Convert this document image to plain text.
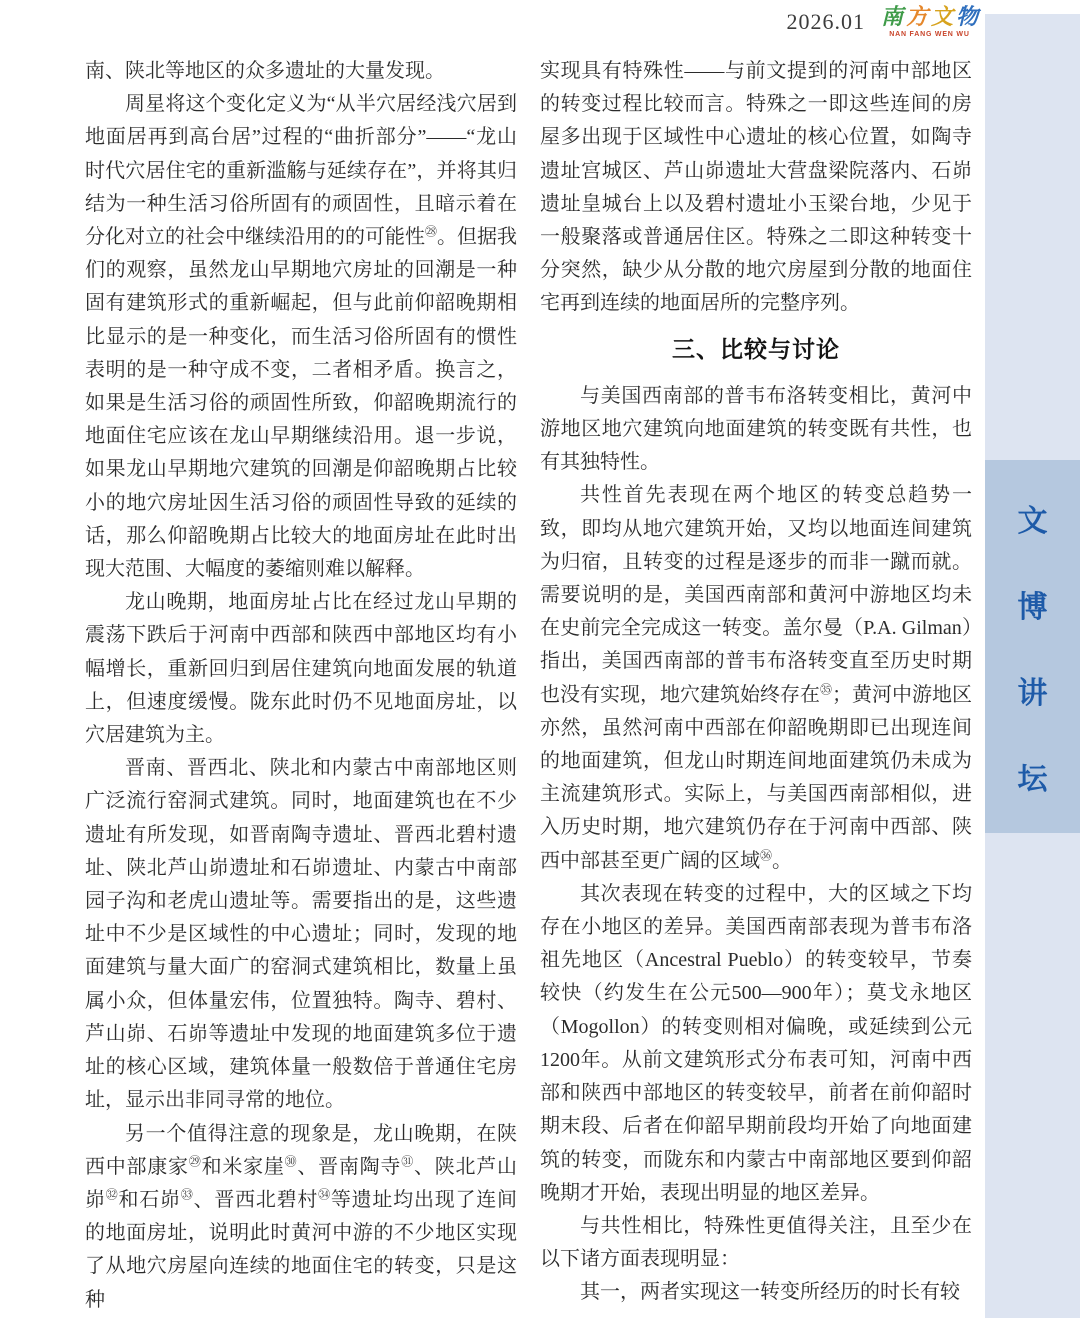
2026.01 南 方 文 物
NAN FANG WEN WU
南、陕北等地区的众多遗址的大量发现。
周星将这个变化定义为“从半穴居经浅穴居到地面居再到高台居”过程的“曲折部分”——“龙山时代穴居住宅的重新滥觞与延续存在”，并将其归结为一种生活习俗所固有的顽固性，且暗示着在分化对立的社会中继续沿用的的可能性$^㉘$。但据我们的观察，虽然龙山早期地穴房址的回潮是一种固有建筑形式的重新崛起，但与此前仰韶晚期相比显示的是一种变化，而生活习俗所固有的惯性表明的是一种守成不变，二者相矛盾。换言之，如果是生活习俗的顽固性所致，仰韶晚期流行的地面住宅应该在龙山早期继续沿用。退一步说，如果龙山早期地穴建筑的回潮是仰韶晚期占比较小的地穴房址因生活习俗的顽固性导致的延续的话，那么仰韶晚期占比较大的地面房址在此时出现大范围、大幅度的萎缩则难以解释。
龙山晚期，地面房址占比在经过龙山早期的震荡下跌后于河南中西部和陕西中部地区均有小幅增长，重新回归到居住建筑向地面发展的轨道上，但速度缓慢。陇东此时仍不见地面房址，以穴居建筑为主。
晋南、晋西北、陕北和内蒙古中南部地区则广泛流行窑洞式建筑。同时，地面建筑也在不少遗址有所发现，如晋南陶寺遗址、晋西北碧村遗址、陕北芦山峁遗址和石峁遗址、内蒙古中南部园子沟和老虎山遗址等。需要指出的是，这些遗址中不少是区域性的中心遗址；同时，发现的地面建筑与量大面广的窑洞式建筑相比，数量上虽属小众，但体量宏伟，位置独特。陶寺、碧村、芦山峁、石峁等遗址中发现的地面建筑多位于遗址的核心区域，建筑体量一般数倍于普通住宅房址，显示出非同寻常的地位。
另一个值得注意的现象是，龙山晚期，在陕西中部康家$^㉙$和米家崖$^㉚$、晋南陶寺$^㉛$、陕北芦山峁$^㉜$和石峁$^㉝$、晋西北碧村$^㉞$等遗址均出现了连间的地面房址，说明此时黄河中游的不少地区实现了从地穴房屋向连续的地面住宅的转变，只是这种
实现具有特殊性——与前文提到的河南中部地区的转变过程比较而言。特殊之一即这些连间的房屋多出现于区域性中心遗址的核心位置，如陶寺遗址宫城区、芦山峁遗址大营盘梁院落内、石峁遗址皇城台上以及碧村遗址小玉梁台地，少见于一般聚落或普通居住区。特殊之二即这种转变十分突然，缺少从分散的地穴房屋到分散的地面住宅再到连续的地面居所的完整序列。
三、比较与讨论
与美国西南部的普韦布洛转变相比，黄河中游地区地穴建筑向地面建筑的转变既有共性，也有其独特性。
共性首先表现在两个地区的转变总趋势一致，即均从地穴建筑开始，又均以地面连间建筑为归宿，且转变的过程是逐步的而非一蹴而就。需要说明的是，美国西南部和黄河中游地区均未在史前完全完成这一转变。盖尔曼（P.A. Gilman）指出，美国西南部的普韦布洛转变直至历史时期也没有实现，地穴建筑始终存在$^㉟$；黄河中游地区亦然，虽然河南中西部在仰韶晚期即已出现连间的地面建筑，但龙山时期连间地面建筑仍未成为主流建筑形式。实际上，与美国西南部相似，进入历史时期，地穴建筑仍存在于河南中西部、陕西中部甚至更广阔的区域$^㊱$。
其次表现在转变的过程中，大的区域之下均存在小地区的差异。美国西南部表现为普韦布洛祖先地区（Ancestral Pueblo）的转变较早，节奏较快（约发生在公元500—900年）；莫戈永地区（Mogollon）的转变则相对偏晚，或延续到公元1200年。从前文建筑形式分布表可知，河南中西部和陕西中部地区的转变较早，前者在前仰韶时期末段、后者在仰韶早期前段均开始了向地面建筑的转变，而陇东和内蒙古中南部地区要到仰韶晚期才开始，表现出明显的地区差异。
与共性相比，特殊性更值得关注，且至少在以下诸方面表现明显：
其一，两者实现这一转变所经历的时长有较
文
博
讲
坛
